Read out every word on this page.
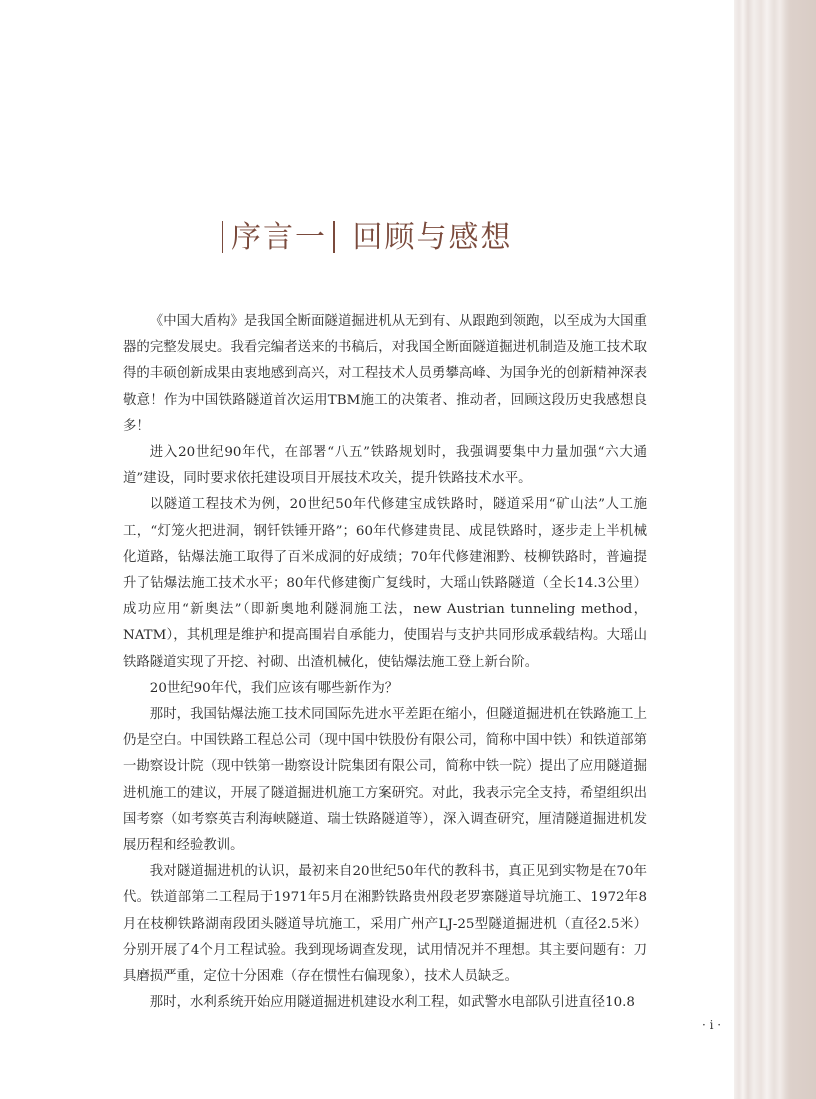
序言一 回顾与感想

《中国大盾构》是我国全断面隧道掘进机从无到有、从跟跑到领跑，以至成为大国重器的完整发展史。我看完编者送来的书稿后，对我国全断面隧道掘进机制造及施工技术取得的丰硕创新成果由衷地感到高兴，对工程技术人员勇攀高峰、为国争光的创新精神深表敬意！作为中国铁路隧道首次运用TBM施工的决策者、推动者，回顾这段历史我感想良多！

进入20世纪90年代，在部署“八五”铁路规划时，我强调要集中力量加强“六大通道”建设，同时要求依托建设项目开展技术攻关，提升铁路技术水平。

以隧道工程技术为例，20世纪50年代修建宝成铁路时，隧道采用“矿山法”人工施工，“灯笼火把进洞，钢钎铁锤开路”；60年代修建贵昆、成昆铁路时，逐步走上半机械化道路，钻爆法施工取得了百米成洞的好成绩；70年代修建湘黔、枝柳铁路时，普遍提升了钻爆法施工技术水平；80年代修建衡广复线时，大瑶山铁路隧道（全长14.3公里）成功应用“新奥法”（即新奥地利隧洞施工法，new Austrian tunneling method，NATM），其机理是维护和提高围岩自承能力，使围岩与支护共同形成承载结构。大瑶山铁路隧道实现了开挖、衬砌、出渣机械化，使钻爆法施工登上新台阶。

20世纪90年代，我们应该有哪些新作为？

那时，我国钻爆法施工技术同国际先进水平差距在缩小，但隧道掘进机在铁路施工上仍是空白。中国铁路工程总公司（现中国中铁股份有限公司，简称中国中铁）和铁道部第一勘察设计院（现中铁第一勘察设计院集团有限公司，简称中铁一院）提出了应用隧道掘进机施工的建议，开展了隧道掘进机施工方案研究。对此，我表示完全支持，希望组织出国考察（如考察英吉利海峡隧道、瑞士铁路隧道等），深入调查研究，厘清隧道掘进机发展历程和经验教训。

我对隧道掘进机的认识，最初来自20世纪50年代的教科书，真正见到实物是在70年代。铁道部第二工程局于1971年5月在湘黔铁路贵州段老罗寨隧道导坑施工、1972年8月在枝柳铁路湖南段团头隧道导坑施工，采用广州产LJ-25型隧道掘进机（直径2.5米）分别开展了4个月工程试验。我到现场调查发现，试用情况并不理想。其主要问题有：刀具磨损严重，定位十分困难（存在惯性右偏现象），技术人员缺乏。

那时，水利系统开始应用隧道掘进机建设水利工程，如武警水电部队引进直径10.8

· i ·
